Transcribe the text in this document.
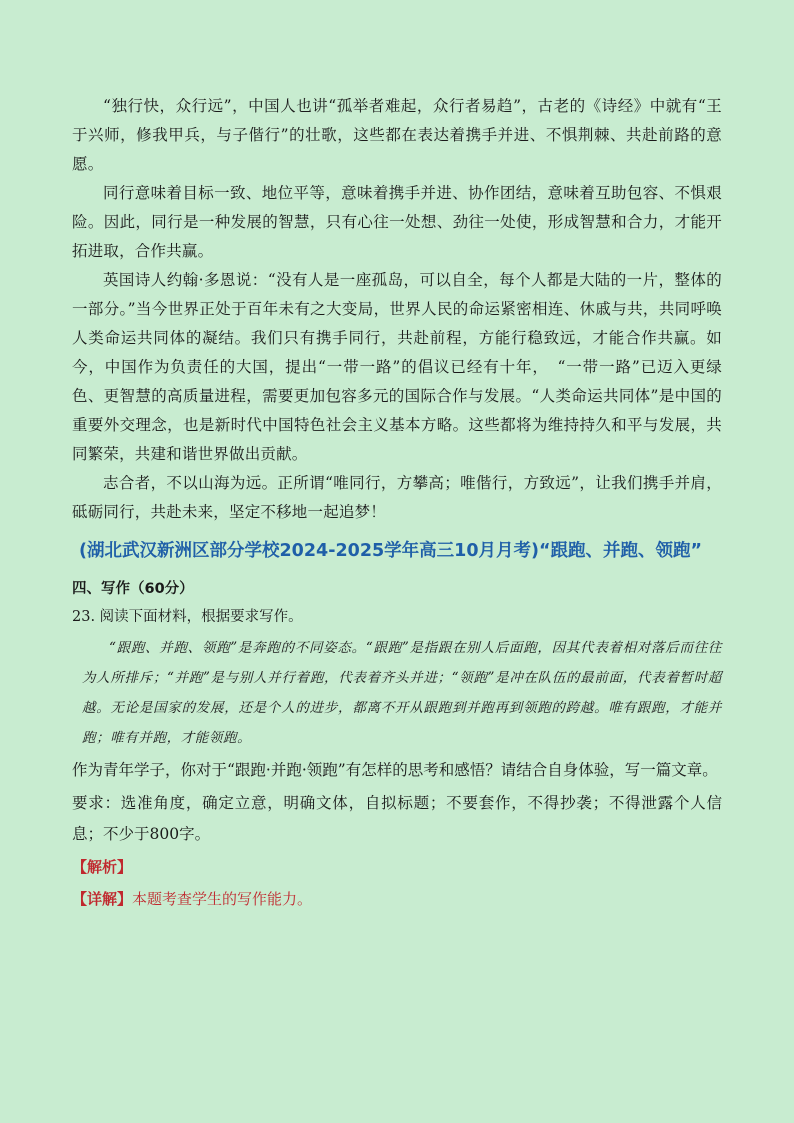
“独行快，众行远”，中国人也讲“孤举者难起，众行者易趋”，古老的《诗经》中就有“王于兴师，修我甲兵，与子偕行”的壮歌，这些都在表达着携手并进、不惧荆棘、共赴前路的意愿。

同行意味着目标一致、地位平等，意味着携手并进、协作团结，意味着互助包容、不惧艰险。因此，同行是一种发展的智慧，只有心往一处想、劲往一处使，形成智慧和合力，才能开拓进取，合作共赢。

英国诗人约翰·多恩说：“没有人是一座孤岛，可以自全，每个人都是大陆的一片，整体的一部分。”当今世界正处于百年未有之大变局，世界人民的命运紧密相连、休戚与共，共同呼唤人类命运共同体的凝结。我们只有携手同行，共赴前程，方能行稳致远，才能合作共赢。如今，中国作为负责任的大国，提出“一带一路”的倡议已经有十年，　“一带一路”已迈入更绿色、更智慧的高质量进程，需要更加包容多元的国际合作与发展。“人类命运共同体”是中国的重要外交理念，也是新时代中国特色社会主义基本方略。这些都将为维持持久和平与发展，共同繁荣，共建和谐世界做出贡献。

志合者，不以山海为远。正所谓“唯同行，方攀高；唯偕行，方致远”，让我们携手并肩，砥砺同行，共赴未来，坚定不移地一起追梦！

(湖北武汉新洲区部分学校2024-2025学年高三10月月考)“跟跑、并跑、领跑”

四、写作（60分）

23. 阅读下面材料，根据要求写作。

“跟跑、并跑、领跑”是奔跑的不同姿态。“跟跑”是指跟在别人后面跑，因其代表着相对落后而往往为人所排斥；“并跑”是与别人并行着跑，代表着齐头并进；“领跑”是冲在队伍的最前面，代表着暂时超越。无论是国家的发展，还是个人的进步，都离不开从跟跑到并跑再到领跑的跨越。唯有跟跑，才能并跑；唯有并跑，才能领跑。

作为青年学子，你对于“跟跑·并跑·领跑”有怎样的思考和感悟？请结合自身体验，写一篇文章。

要求：选准角度，确定立意，明确文体，自拟标题；不要套作，不得抄袭；不得泄露个人信息；不少于800字。

【解析】

【详解】本题考查学生的写作能力。
